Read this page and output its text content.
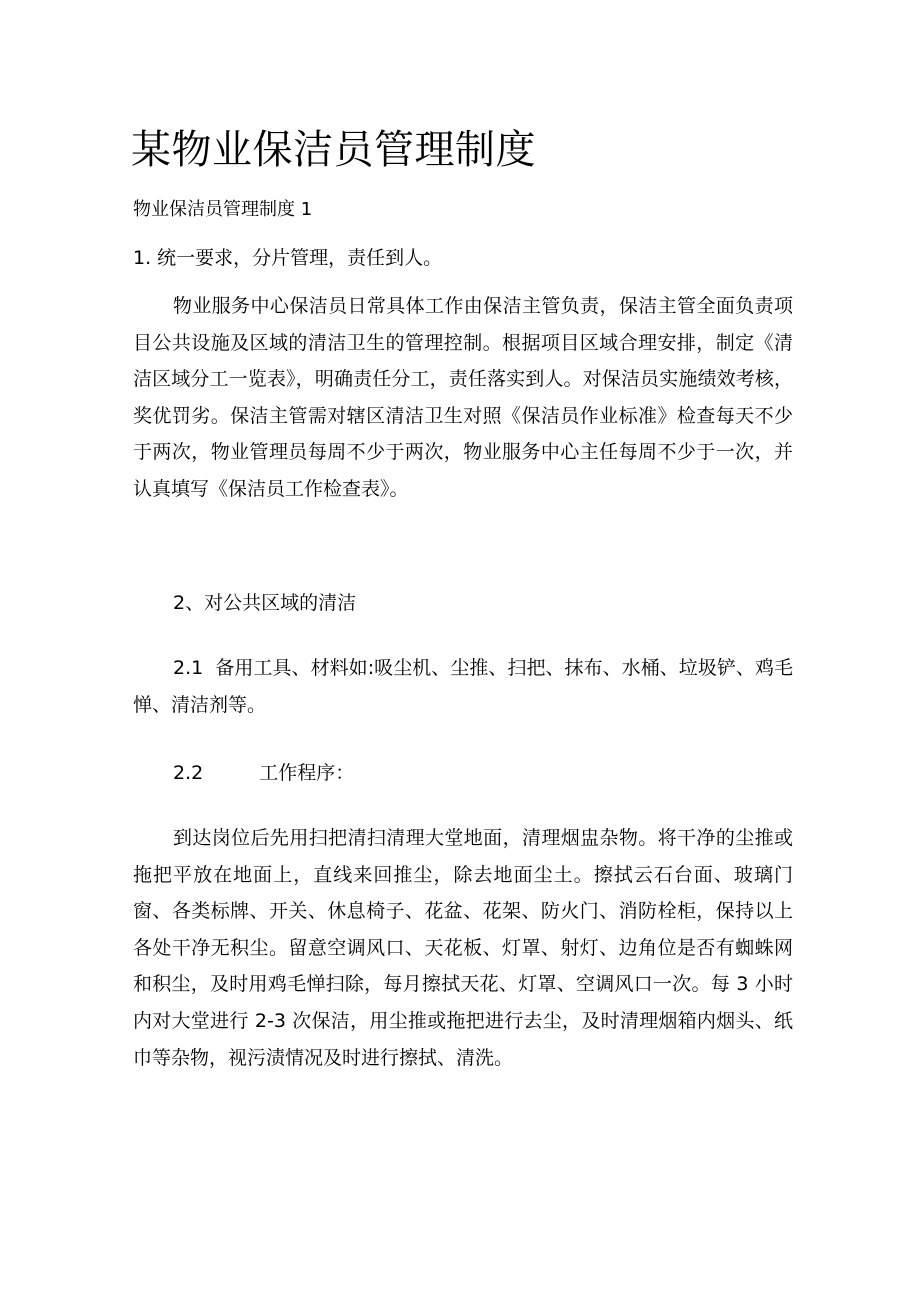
某物业保洁员管理制度

物业保洁员管理制度 1

1. 统一要求，分片管理，责任到人。

物业服务中心保洁员日常具体工作由保洁主管负责，保洁主管全面负责项目公共设施及区域的清洁卫生的管理控制。根据项目区域合理安排，制定《清洁区域分工一览表》，明确责任分工，责任落实到人。对保洁员实施绩效考核，奖优罚劣。保洁主管需对辖区清洁卫生对照《保洁员作业标准》检查每天不少于两次，物业管理员每周不少于两次，物业服务中心主任每周不少于一次，并认真填写《保洁员工作检查表》。

2、对公共区域的清洁

2.1 备用工具、材料如:吸尘机、尘推、扫把、抹布、水桶、垃圾铲、鸡毛惮、清洁剂等。

2.2	工作程序：

到达岗位后先用扫把清扫清理大堂地面，清理烟盅杂物。将干净的尘推或拖把平放在地面上，直线来回推尘，除去地面尘土。擦拭云石台面、玻璃门窗、各类标牌、开关、休息椅子、花盆、花架、防火门、消防栓柜，保持以上各处干净无积尘。留意空调风口、天花板、灯罩、射灯、边角位是否有蜘蛛网和积尘，及时用鸡毛惮扫除，每月擦拭天花、灯罩、空调风口一次。每 3 小时内对大堂进行 2-3 次保洁，用尘推或拖把进行去尘，及时清理烟箱内烟头、纸巾等杂物，视污渍情况及时进行擦拭、清洗。
